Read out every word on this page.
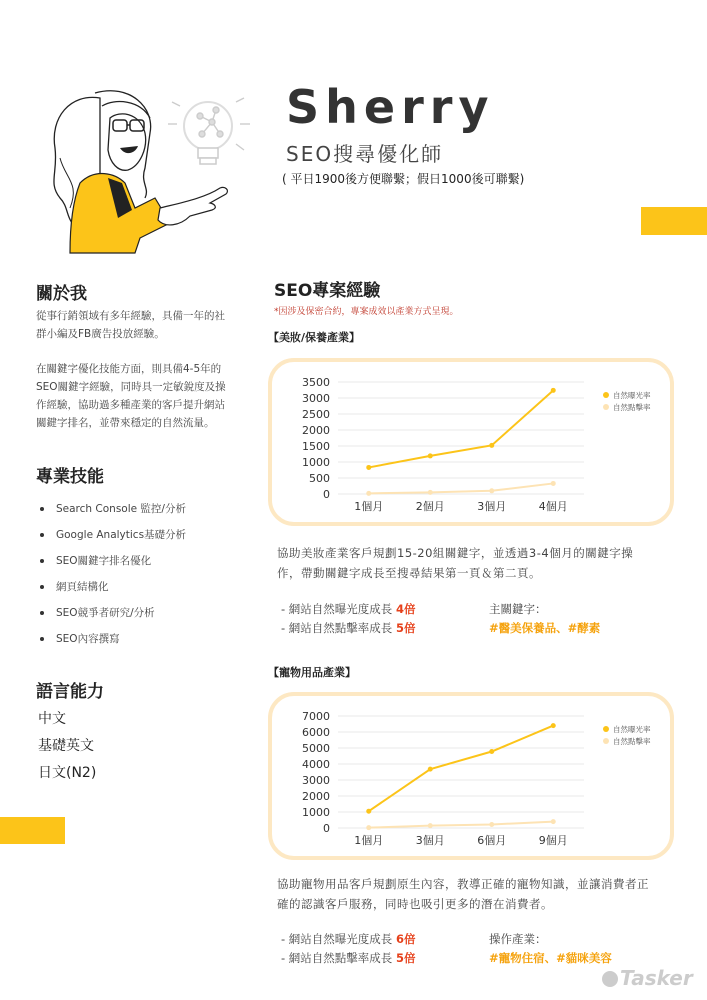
Sherry
SEO搜尋優化師
( 平日1900後方便聯繫；假日1000後可聯繫)
關於我
從事行銷領域有多年經驗，具備一年的社群小編及FB廣告投放經驗。
在關鍵字優化技能方面，則具備4-5年的SEO關鍵字經驗，同時具一定敏銳度及操作經驗，協助過多種產業的客戶提升網站關鍵字排名，並帶來穩定的自然流量。
專業技能
Search Console 監控/分析
Google Analytics基礎分析
SEO關鍵字排名優化
網頁結構化
SEO競爭者研究/分析
SEO內容撰寫
語言能力
中文
基礎英文
日文(N2)
SEO專案經驗
*因涉及保密合約，專案成效以產業方式呈現。
【美妝/保養產業】
0
500
1000
1500
2000
2500
3000
3500
1個月	2個月	3個月	4個月
自然曝光率
自然點擊率
協助美妝產業客戶規劃15-20組關鍵字，並透過3-4個月的關鍵字操作，帶動關鍵字成長至搜尋結果第一頁＆第二頁。
- 網站自然曝光度成長 4倍
- 網站自然點擊率成長 5倍
主關鍵字：
#醫美保養品、#酵素
【寵物用品產業】
0
1000
2000
3000
4000
5000
6000
7000
1個月	3個月	6個月	9個月
自然曝光率
自然點擊率
協助寵物用品客戶規劃原生內容，教導正確的寵物知識，並讓消費者正確的認識客戶服務，同時也吸引更多的潛在消費者。
- 網站自然曝光度成長 6倍
- 網站自然點擊率成長 5倍
操作產業：
#寵物住宿、#貓咪美容
Tasker
